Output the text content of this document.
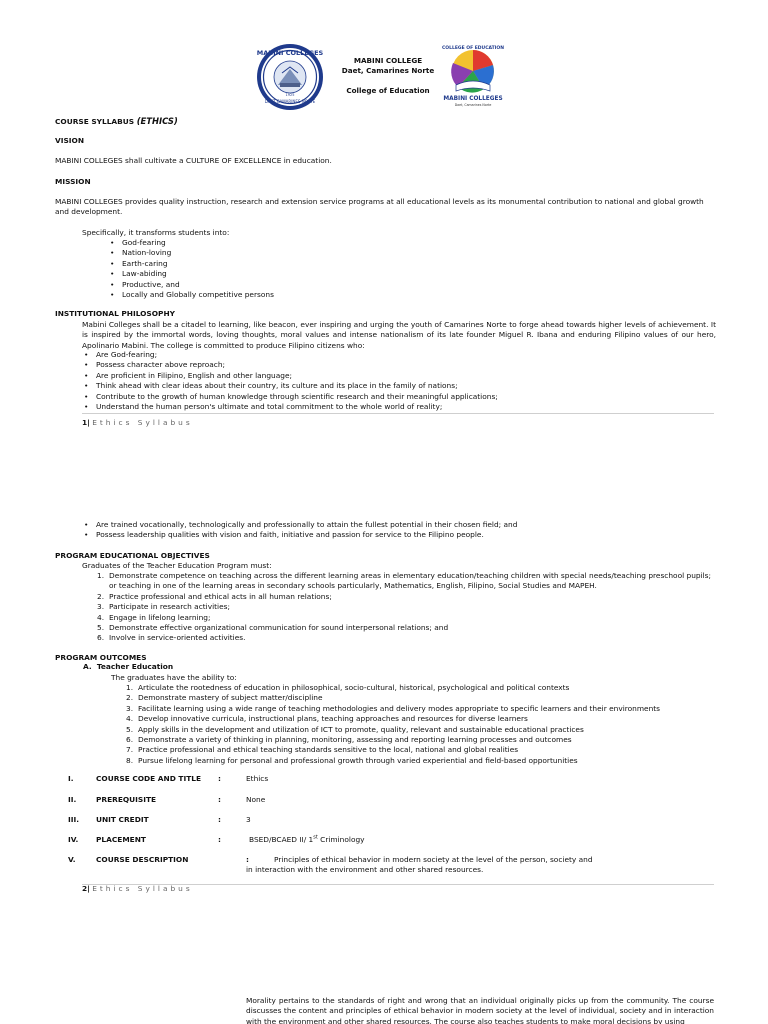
MABINI COLLEGES
DAET CAMARINES NORTE
1925
MABINI COLLEGE
Daet, Camarines Norte
College of Education
COLLEGE OF EDUCATION
MABINI COLLEGES
Daet, Camarines Norte
COURSE SYLLABUS (ETHICS)
VISION
MABINI COLLEGES shall cultivate a CULTURE OF EXCELLENCE in education.
MISSION
MABINI COLLEGES provides quality instruction, research and extension service programs at all educational levels as its monumental contribution to national and global growth and development.
Specifically, it transforms students into:
• God-fearing
• Nation-loving
• Earth-caring
• Law-abiding
• Productive, and
• Locally and Globally competitive persons
INSTITUTIONAL PHILOSOPHY
Mabini Colleges shall be a citadel to learning, like beacon, ever inspiring and urging the youth of Camarines Norte to forge ahead towards higher levels of achievement. It is inspired by the immortal words, loving thoughts, moral values and intense nationalism of its late founder Miguel R. Ibana and enduring Filipino values of our hero, Apolinario Mabini. The college is committed to produce Filipino citizens who:
• Are God-fearing;
• Possess character above reproach;
• Are proficient in Filipino, English and other language;
• Think ahead with clear ideas about their country, its culture and its place in the family of nations;
• Contribute to the growth of human knowledge through scientific research and their meaningful applications;
• Understand the human person's ultimate and total commitment to the whole world of reality;
1| Ethics Syllabus
• Are trained vocationally, technologically and professionally to attain the fullest potential in their chosen field; and
• Possess leadership qualities with vision and faith, initiative and passion for service to the Filipino people.
PROGRAM EDUCATIONAL OBJECTIVES
Graduates of the Teacher Education Program must:
1. Demonstrate competence on teaching across the different learning areas in elementary education/teaching children with special needs/teaching preschool pupils; or teaching in one of the learning areas in secondary schools particularly, Mathematics, English, Filipino, Social Studies and MAPEH.
2. Practice professional and ethical acts in all human relations;
3. Participate in research activities;
4. Engage in lifelong learning;
5. Demonstrate effective organizational communication for sound interpersonal relations; and
6. Involve in service-oriented activities.
PROGRAM OUTCOMES
A. Teacher Education
The graduates have the ability to:
1. Articulate the rootedness of education in philosophical, socio-cultural, historical, psychological and political contexts
2. Demonstrate mastery of subject matter/discipline
3. Facilitate learning using a wide range of teaching methodologies and delivery modes appropriate to specific learners and their environments
4. Develop innovative curricula, instructional plans, teaching approaches and resources for diverse learners
5. Apply skills in the development and utilization of ICT to promote, quality, relevant and sustainable educational practices
6. Demonstrate a variety of thinking in planning, monitoring, assessing and reporting learning processes and outcomes
7. Practice professional and ethical teaching standards sensitive to the local, national and global realities
8. Pursue lifelong learning for personal and professional growth through varied experiential and field-based opportunities
I.	COURSE CODE AND TITLE :	Ethics
II.	PREREQUISITE	:	None
III. UNIT CREDIT	:	3
IV. PLACEMENT	:	BSED/BCAED II/ 1st Criminology
V.	COURSE DESCRIPTION	:	Principles of ethical behavior in modern society at the level of the person, society and
in interaction with the environment and other shared resources.
2| Ethics Syllabus
Morality pertains to the standards of right and wrong that an individual originally picks up from the community. The course discusses the content and principles of ethical behavior in modern society at the level of individual, society and in interaction with the environment and other shared resources. The course also teaches students to make moral decisions by using
